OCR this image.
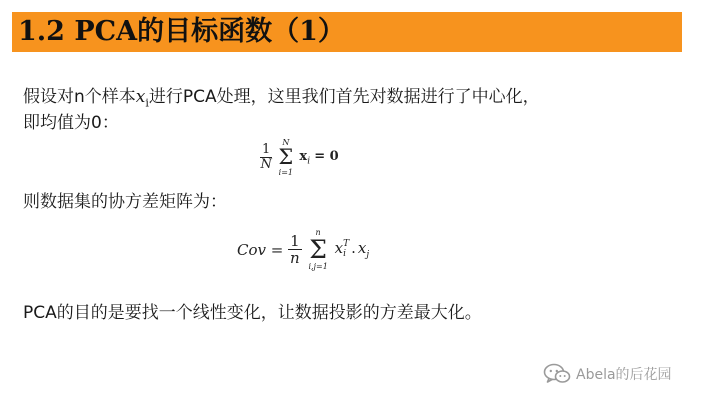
1.2 PCA的目标函数（1）
假设对n个样本$x_i$进行PCA处理，这里我们首先对数据进行了中心化，
即均值为0：
$\frac{1}{N}$

N
Σ
i=1
$x_i = 0$
则数据集的协方差矩阵为：
Cov = $\frac{1}{n}$
	n
Σ
i,j=1
x T
i . $x_j$
PCA的目的是要找一个线性变化，让数据投影的方差最大化。
Abela的后花园
